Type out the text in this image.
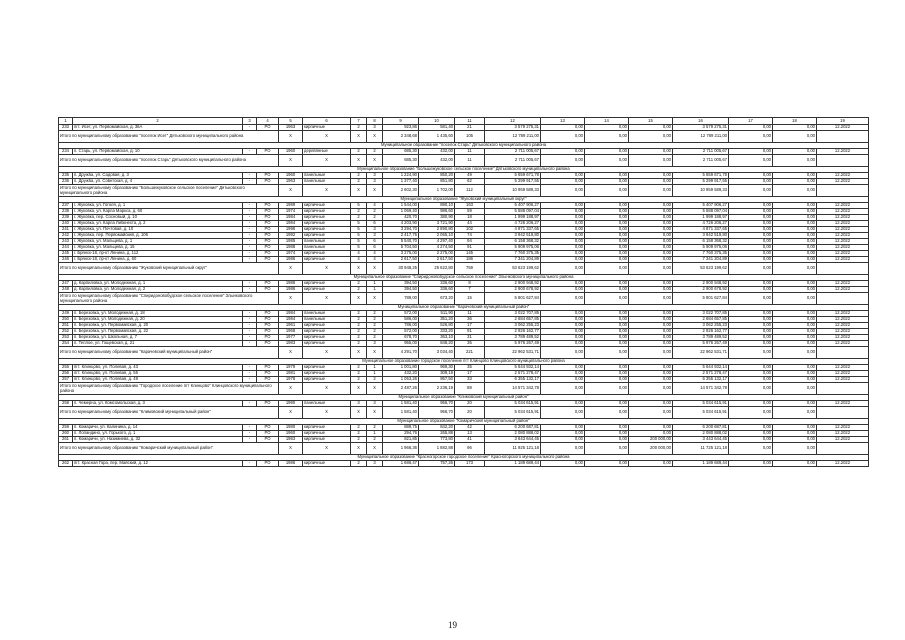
1	2	3	4	5	6	7	8	9	10	11	12	13	14	15	16	17	18	19
233	пгт. Исет, ул. Первомайская, д. 36А	-	РО	1963	кирпичные	2	3	923,86	581,40	21	3 579 275,31	0,00	0,00	0,00	3 579 275,31	0,00	0,00	12.2022
Итого по муниципальному образованию "поселок Исет" Дятьковского муниципального района				X	X	X	X	2 348,68	1 435,60	105	12 789 211,00	0,00	0,00	0,00	12 789 211,00	0,00	0,00	
Муниципальное образование "поселок Старь" Дятьковского муниципального района																		
234	п. Старь, ул. Первомайская, д. 10	-	РО	1960	деревянные	2	2	685,30	432,00	11	2 711 005,67	0,00	0,00	0,00	2 711 005,67	0,00	0,00	12.2022
Итого по муниципальному образованию "поселок Старь" Дятьковского муниципального района				X	X	X	X	685,30	432,00	11	2 711 005,67	0,00	0,00	0,00	2 711 005,67	0,00	0,00	
Муниципальное образование "Большежуковское сельское поселение" Дятьковского муниципального района																		
235	п. Дружба, ул. Садовая, д. 3	-	РО	1960	панельные	2	3	1 224,90	850,20	49	5 659 671,78	0,00	0,00	0,00	5 659 671,78	0,00	0,00	12.2022
236	п. Дружба, ул. Советская, д. 4	-	РО	1963	панельные	2	3	1 377,40	851,80	62	5 299 917,55	0,00	0,00	0,00	5 299 917,55	0,00	0,00	12.2022
Итого по муниципальному образованию "Большежуковское сельское поселение" Дятьковского муниципального района				X	X	X	X	2 602,30	1 702,00	112	10 959 589,33	0,00	0,00	0,00	10 959 589,33	0,00	0,00	
Муниципальное образование "Жуковский муниципальный округ"																		
237	г. Жуковка, ул. Гоголя, д. 1	-	РО	1989	кирпичные	5	4	1 544,00	890,10	163	5 407 906,27	0,00	0,00	0,00	5 407 906,27	0,00	0,00	12.2022
238	г. Жуковка, ул. Карла Маркса, д. 60	-	РО	1974	кирпичные	2	2	1 069,40	986,60	59	5 588 097,04	0,00	0,00	0,00	5 588 097,04	0,00	0,00	12.2022
239	г. Жуковка, пер. Сосновый, д. 10	-	РО	1984	кирпичные	2	2	420,70	380,90	18	1 999 188,97	0,00	0,00	0,00	1 999 188,97	0,00	0,00	12.2022
240	г. Жуковка, ул. Карла Либкнехта, д. 2	-	РО	1984	кирпичные	5	6	4 203,90	3 721,90	44	4 726 206,27	0,00	0,00	0,00	4 726 206,27	0,00	0,00	12.2022
241	г. Жуковка, ул. Почтовая, д. 10	-	РО	1996	кирпичные	5	3	3 294,70	2 890,80	102	4 871 337,65	0,00	0,00	0,00	4 871 337,65	0,00	0,00	12.2022
242	г. Жуковка, пер. Первомайский, д. 106	-	РО	1992	кирпичные	5	3	2 417,75	2 065,10	74	3 942 519,80	0,00	0,00	0,00	3 942 519,80	0,00	0,00	12.2022
243	г. Жуковка, ул. Мальцева, д. 1	-	РО	1985	панельные	5	6	5 540,70	4 297,40	94	6 158 368,32	0,00	0,00	0,00	6 158 368,32	0,00	0,00	12.2022
244	г. Жуковка, ул. Мальцева, д. 15	-	РО	1988	панельные	5	6	5 704,50	4 274,50	91	5 909 975,06	0,00	0,00	0,00	5 909 975,06	0,00	0,00	12.2022
245	г. Брянск-18, пр-кт Ленина, д. 112	-	РО	1974	кирпичные	4	4	3 275,00	2 275,00	145	7 760 375,35	0,00	0,00	0,00	7 760 375,35	0,00	0,00	12.2022
246	г. Брянск-18, пр-кт Ленина, д. 60	-	РО	1986	кирпичные	4	4	2 617,50	2 617,50	186	7 341 204,89	0,00	0,00	0,00	7 341 204,89	0,00	0,00	12.2022
Итого по муниципальному образованию "Жуковский муниципальный округ"				X	X	X	X	30 948,25	25 622,80	759	53 623 199,62	0,00	0,00	0,00	53 623 199,62	0,00	0,00	
Муниципальное образование "Спиридоновобудское сельское поселение" Злынковского муниципального района																		
247	д. Карпиловка, ул. Молодежная, д. 1	-	РО	1986	кирпичные	2	1	394,50	336,60	8	2 900 948,92	0,00	0,00	0,00	2 900 948,92	0,00	0,00	12.2022
248	д. Карпиловка, ул. Молодежная, д. 2	-	РО	1986	кирпичные	2	1	394,50	336,60	7	2 900 678,92	0,00	0,00	0,00	2 900 678,92	0,00	0,00	12.2022
Итого по муниципальному образованию "Спиридоновобудское сельское поселение" Злынковского муниципального района				X	X	X	X	789,00	673,20	15	5 801 627,84	0,00	0,00	0,00	5 801 627,84	0,00	0,00	
Муниципальное образование "Карачевский муниципальный район"																		
249	п. Березовка, ул. Молодежная, д. 18	-	РО	1984	панельные	2	2	572,00	511,90	11	3 022 707,85	0,00	0,00	0,00	3 022 707,85	0,00	0,00	12.2022
250	п. Березовка, ул. Молодежная, д. 20	-	РО	1984	панельные	2	2	586,00	351,20	36	2 684 657,85	0,00	0,00	0,00	2 684 657,85	0,00	0,00	12.2022
251	п. Березовка, ул. Первомайская, д. 20	-	РО	1961	кирпичные	2	2	786,00	526,80	17	3 062 255,23	0,00	0,00	0,00	3 062 255,23	0,00	0,00	12.2022
252	п. Березовка, ул. Первомайская, д. 22	-	РО	1968	кирпичные	2	2	572,00	333,20	91	2 926 162,77	0,00	0,00	0,00	2 926 162,77	0,00	0,00	12.2022
253	п. Березовка, ул. Школьная, д. 7	-	РО	1977	кирпичные	2	2	678,70	363,10	31	3 789 489,52	0,00	0,00	0,00	3 789 489,52	0,00	0,00	12.2022
254	п. Теплое, ул. Гощевская, д. 21	-	РО	1983	кирпичные	2	3	955,00	848,20	35	5 976 267,49	0,00	0,00	0,00	5 976 267,49	0,00	0,00	12.2022
Итого по муниципальному образованию "Карачевский муниципальный район"				X	X	X	X	4 291,70	3 034,40	221	22 962 531,71	0,00	0,00	0,00	22 962 531,71	0,00	0,00	
Муниципальное образование городское поселение пгт Клинцово Клинцовского муниципального района																		
255	пгт. Клинцово, ул. Полевая, д. 43	-	РО	1979	кирпичные	2	1	1 001,80	969,30	35	5 644 932,14	0,00	0,00	0,00	5 644 932,14	0,00	0,00	12.2022
256	пгт. Клинцово, ул. Полевая, д. 55	-	РО	1981	кирпичные	2	1	432,20	309,19	17	2 571 278,47	0,00	0,00	0,00	2 571 278,47	0,00	0,00	12.2022
257	пгт. Клинцово, ул. Полевая, д. 49	-	РО	1978	кирпичные	2	2	1 053,26	957,50	33	6 355 132,17	0,00	0,00	0,00	6 355 132,17	0,00	0,00	12.2022
Итого по муниципальному образованию "Городское поселение пгт Клинцово" Клинцовского муниципального района				X	X	X	X	2 487,26	2 236,19	88	14 571 342,78	0,00	0,00	0,00	14 571 342,78	0,00	0,00	
Муниципальное образование "Климовский муниципальный район"																		
258	п. Чемерна, ул. Комсомольская, д. 3	-	РО	1990	панельные	3	3	1 581,40	956,70	20	5 034 615,91	0,00	0,00	0,00	5 034 615,91	0,00	0,00	12.2022
Итого по муниципальному образованию "Климовский муниципальный район"				X	X	X	X	1 581,40	956,70	20	5 034 615,91	0,00	0,00	0,00	5 034 615,91	0,00	0,00	
Муниципальное образование "Комаричский муниципальный район"																		
259	п. Комаричи, ул. Калинина, д. 14	-	РО	1980	кирпичные	2	2	889,75	842,20	42	6 200 687,81	0,00	0,00	0,00	6 200 687,81	0,00	0,00	12.2022
260	п. Лопандино, ул. Горького, д. 1	-	РО	1960	кирпичные	2	1	294,76	265,88	13	2 080 888,02	0,00	0,00	0,00	2 080 888,02	0,00	0,00	12.2022
261	п. Комаричи, ул. Назимиева, д. 32	-	РО	1983	кирпичные	2	2	821,85	773,80	41	3 643 644,45	0,00	0,00	200 000,00	3 443 644,45	0,00	0,00	12.2022
Итого по муниципальному образованию "Комаричский муниципальный район"				X	X	X	X	1 966,36	1 882,88	96	11 925 121,18	0,00	0,00	200 000,00	11 725 121,18	0,00	0,00	
Муниципальное образование "Красногорское городское поселение" Красногорского муниципального района																		
262	пгт. Красная Гора, пер. Майский, д. 12	-	РО	1986	кирпичные	2	3	1 686,47	757,26	173	1 189 689,44	0,00	0,00	0,00	1 189 689,44	0,00	0,00	12.2022
19
